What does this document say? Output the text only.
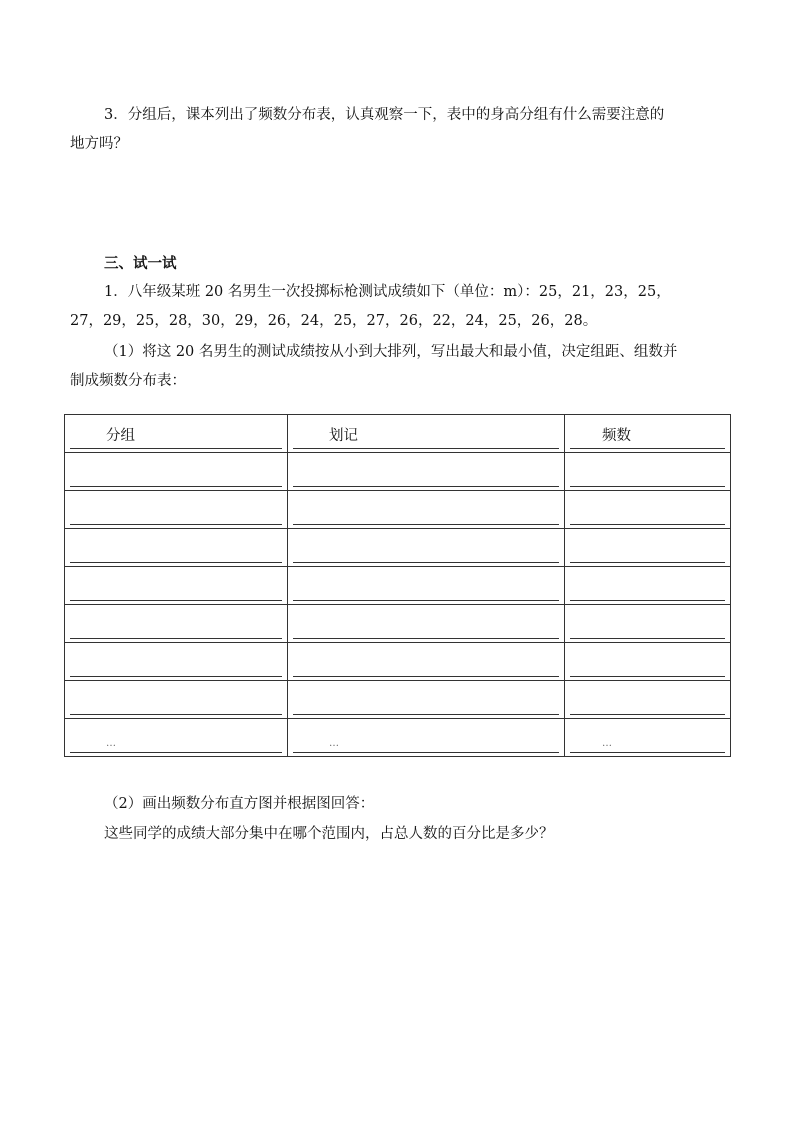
3．分组后，课本列出了频数分布表，认真观察一下，表中的身高分组有什么需要注意的
地方吗？
三、试一试
1．八年级某班 20 名男生一次投掷标枪测试成绩如下（单位：m）：25，21，23，25，
27，29，25，28，30，29，26，24，25，27，26，22，24，25，26，28。
（1）将这 20 名男生的测试成绩按从小到大排列，写出最大和最小值，决定组距、组数并
制成频数分布表：
分组	划记	频数

…	…	…
（2）画出频数分布直方图并根据图回答：
这些同学的成绩大部分集中在哪个范围内，占总人数的百分比是多少？
